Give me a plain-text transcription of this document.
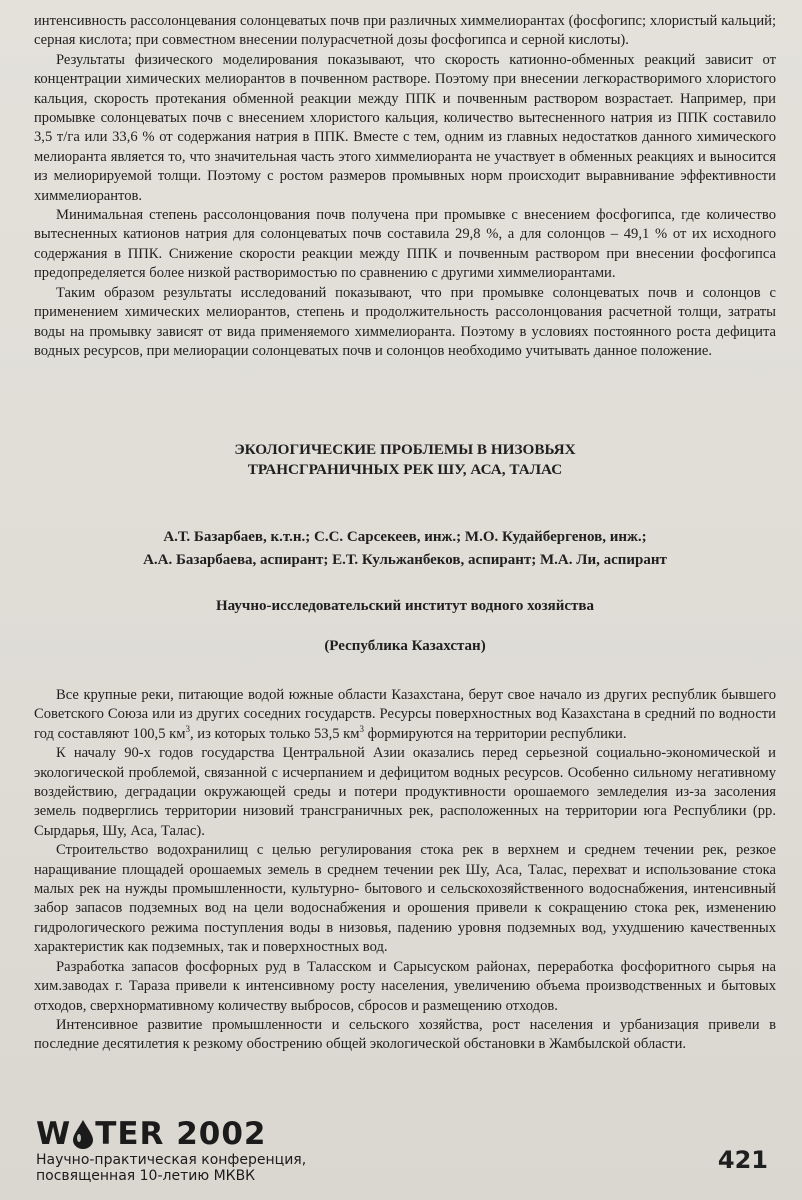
интенсивность рассолонцевания солонцеватых почв при различных химмелиорантах (фосфогипс; хлористый кальций; серная кислота; при совместном внесении полурасчетной дозы фосфогипса и серной кислоты).

Результаты физического моделирования показывают, что скорость катионно-обменных реакций зависит от концентрации химических мелиорантов в почвенном растворе. Поэтому при внесении легкорастворимого хлористого кальция, скорость протекания обменной реакции между ППК и почвенным раствором возрастает. Например, при промывке солонцеватых почв с внесением хлористого кальция, количество вытесненного натрия из ППК составило 3,5 т/га или 33,6 % от содержания натрия в ППК. Вместе с тем, одним из главных недостатков данного химического мелиоранта является то, что значительная часть этого химмелиоранта не участвует в обменных реакциях и выносится из мелиорируемой толщи. Поэтому с ростом размеров промывных норм происходит выравнивание эффективности химмелиорантов.

Минимальная степень рассолонцования почв получена при промывке с внесением фосфогипса, где количество вытесненных катионов натрия для солонцеватых почв составила 29,8 %, а для солонцов – 49,1 % от их исходного содержания в ППК. Снижение скорости реакции между ППК и почвенным раствором при внесении фосфогипса предопределяется более низкой растворимостью по сравнению с другими химмелиорантами.

Таким образом результаты исследований показывают, что при промывке солонцеватых почв и солонцов с применением химических мелиорантов, степень и продолжительность рассолонцования расчетной толщи, затраты воды на промывку зависят от вида применяемого химмелиоранта. Поэтому в условиях постоянного роста дефицита водных ресурсов, при мелиорации солонцеватых почв и солонцов необходимо учитывать данное положение.

ЭКОЛОГИЧЕСКИЕ ПРОБЛЕМЫ В НИЗОВЬЯХ
ТРАНСГРАНИЧНЫХ РЕК ШУ, АСА, ТАЛАС
А.Т. Базарбаев, к.т.н.; С.С. Сарсекеев, инж.; М.О. Кудайбергенов, инж.;
А.А. Базарбаева, аспирант; Е.Т. Кульжанбеков, аспирант; М.А. Ли, аспирант
Научно-исследовательский институт водного хозяйства
(Республика Казахстан)

Все крупные реки, питающие водой южные области Казахстана, берут свое начало из других республик бывшего Советского Союза или из других соседних государств. Ресурсы поверхностных вод Казахстана в средний по водности год составляют 100,5 $км^3$, из которых только 53,5 $км^3$ формируются на территории республики.

К началу 90-х годов государства Центральной Азии оказались перед серьезной социально-экономической и экологической проблемой, связанной с исчерпанием и дефицитом водных ресурсов. Особенно сильному негативному воздействию, деградации окружающей среды и потери продуктивности орошаемого земледелия из-за засоления земель подверглись территории низовий трансграничных рек, расположенных на территории юга Республики (рр. Сырдарья, Шу, Аса, Талас).

Строительство водохранилищ с целью регулирования стока рек в верхнем и среднем течении рек, резкое наращивание площадей орошаемых земель в среднем течении рек Шу, Аса, Талас, перехват и использование стока малых рек на нужды промышленности, культурно- бытового и сельскохозяйственного водоснабжения, интенсивный забор запасов подземных вод на цели водоснабжения и орошения привели к сокращению стока рек, изменению гидрологического режима поступления воды в низовья, падению уровня подземных вод, ухудшению качественных характеристик как подземных, так и поверхностных вод.

Разработка запасов фосфорных руд в Таласском и Сарысуском районах, переработка фосфоритного сырья на хим.заводах г. Тараза привели к интенсивному росту населения, увеличению объема производственных и бытовых отходов, сверхнормативному количеству выбросов, сбросов и размещению отходов.

Интенсивное развитие промышленности и сельского хозяйства, рост населения и урбанизация привели в последние десятилетия к резкому обострению общей экологической обстановки в Жамбылской области.

W TER 2002
Научно-практическая конференция,
посвященная 10-летию МКВК
421
